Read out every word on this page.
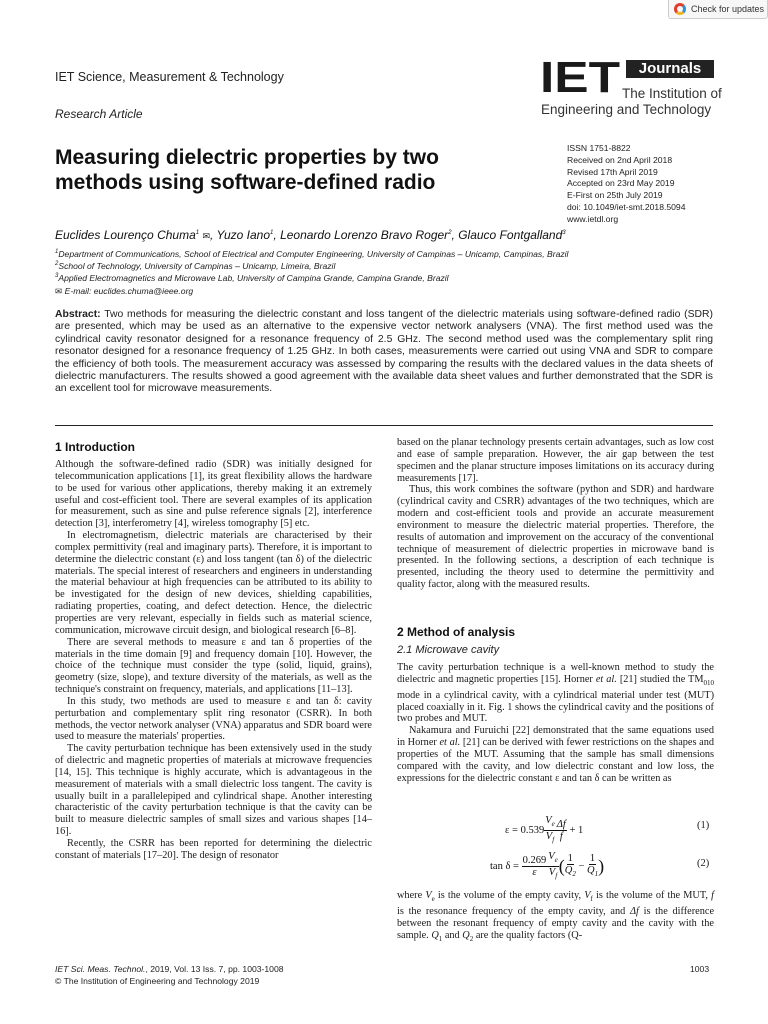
Check for updates
IET Science, Measurement & Technology
Research Article
IET	Journals
The Institution of
Engineering and Technology
Measuring dielectric properties by two
methods using software-defined radio
ISSN 1751-8822
Received on 2nd April 2018
Revised 17th April 2019
Accepted on 23rd May 2019
E-First on 25th July 2019
doi: 10.1049/iet-smt.2018.5094
www.ietdl.org
Euclides Lourenço Chuma$^1$ ✉, Yuzo Iano$^1$, Leonardo Lorenzo Bravo Roger$^2$, Glauco Fontgalland$^3$
$^1$Department of Communications, School of Electrical and Computer Engineering, University of Campinas – Unicamp, Campinas, Brazil
$^2$School of Technology, University of Campinas – Unicamp, Limeira, Brazil
$^3$Applied Electromagnetics and Microwave Lab, University of Campina Grande, Campina Grande, Brazil
✉ E-mail: euclides.chuma@ieee.org
Abstract: Two methods for measuring the dielectric constant and loss tangent of the dielectric materials using software-defined radio (SDR) are presented, which may be used as an alternative to the expensive vector network analysers (VNA). The first method used was the cylindrical cavity resonator designed for a resonance frequency of 2.5 GHz. The second method used was the complementary split ring resonator designed for a resonance frequency of 1.25 GHz. In both cases, measurements were carried out using VNA and SDR to compare the efficiency of both tools. The measurement accuracy was assessed by comparing the results with the declared values in the data sheets of dielectric manufacturers. The results showed a good agreement with the available data sheet values and further demonstrated that the SDR is an excellent tool for microwave measurements.
1 Introduction

Although the software-defined radio (SDR) was initially designed for telecommunication applications [1], its great flexibility allows the hardware to be used for various other applications, thereby making it an extremely useful and cost-efficient tool. There are several examples of its application for measurement, such as sine and pulse reference signals [2], interference detection [3], interferometry [4], wireless tomography [5] etc.

In electromagnetism, dielectric materials are characterised by their complex permittivity (real and imaginary parts). Therefore, it is important to determine the dielectric constant (ε) and loss tangent (tan δ) of the dielectric materials. The special interest of researchers and engineers in understanding the material behaviour at high frequencies can be attributed to its ability to be investigated for the design of new devices, shielding capabilities, radiating properties, coating, and defect detection. Hence, the dielectric properties are very relevant, especially in fields such as material science, communication, microwave circuit design, and biological research [6–8].

There are several methods to measure ε and tan δ properties of the materials in the time domain [9] and frequency domain [10]. However, the choice of the technique must consider the type (solid, liquid, grains), geometry (size, slope), and texture diversity of the materials, as well as the technique's constraint on frequency, materials, and applications [11–13].

In this study, two methods are used to measure ε and tan δ: cavity perturbation and complementary split ring resonator (CSRR). In both methods, the vector network analyser (VNA) apparatus and SDR board were used to measure the materials' properties.

The cavity perturbation technique has been extensively used in the study of dielectric and magnetic properties of materials at microwave frequencies [14, 15]. This technique is highly accurate, which is advantageous in the measurement of materials with a small dielectric loss tangent. The cavity is usually built in a parallelepiped and cylindrical shape. Another interesting characteristic of the cavity perturbation technique is that the cavity can be built to measure dielectric samples of small sizes and various shapes [14–16].

Recently, the CSRR has been reported for determining the dielectric constant of materials [17–20]. The design of resonator

based on the planar technology presents certain advantages, such as low cost and ease of sample preparation. However, the air gap between the test specimen and the planar structure imposes limitations on its accuracy during measurements [17].

Thus, this work combines the software (python and SDR) and hardware (cylindrical cavity and CSRR) advantages of the two techniques, which are modern and cost-efficient tools and provide an accurate measurement environment to measure the dielectric material properties. Therefore, the results of automation and improvement on the accuracy of the conventional technique of measurement of dielectric properties in microwave band is presented. In the following sections, a description of each technique is presented, including the theory used to determine the permittivity and quality factor, along with the measured results.

2 Method of analysis
2.1 Microwave cavity

The cavity perturbation technique is a well-known method to study the dielectric and magnetic properties [15]. Horner et al. [21] studied the $TM_{010}$ mode in a cylindrical cavity, with a cylindrical material under test (MUT) placed coaxially in it. Fig. 1 shows the cylindrical cavity and the positions of two probes and MUT.

Nakamura and Furuichi [22] demonstrated that the same equations used in Horner et al. [21] can be derived with fewer restrictions on the shapes and properties of the MUT. Assuming that the sample has small dimensions compared with the cavity, and low dielectric constant and low loss, the expressions for the dielectric constant ε and tan δ can be written as

$\varepsilon = 0.539 \frac{V_e}{V_f} \frac{\Delta f}{f} + 1$	(1)
$\tan \delta = \frac{0.269}{\varepsilon} \frac{V_e}{V_f}$ ( $\frac{1}{Q_2} - \frac{1}{Q_1}$ )	(2)

where $V_e$ is the volume of the empty cavity, $V_f$ is the volume of the MUT, f is the resonance frequency of the empty cavity, and Δf is the difference between the resonant frequency of empty cavity and the cavity with the sample. $Q_1$ and $Q_2$ are the quality factors (Q-

IET Sci. Meas. Technol., 2019, Vol. 13 Iss. 7, pp. 1003-1008
© The Institution of Engineering and Technology 2019
1003
